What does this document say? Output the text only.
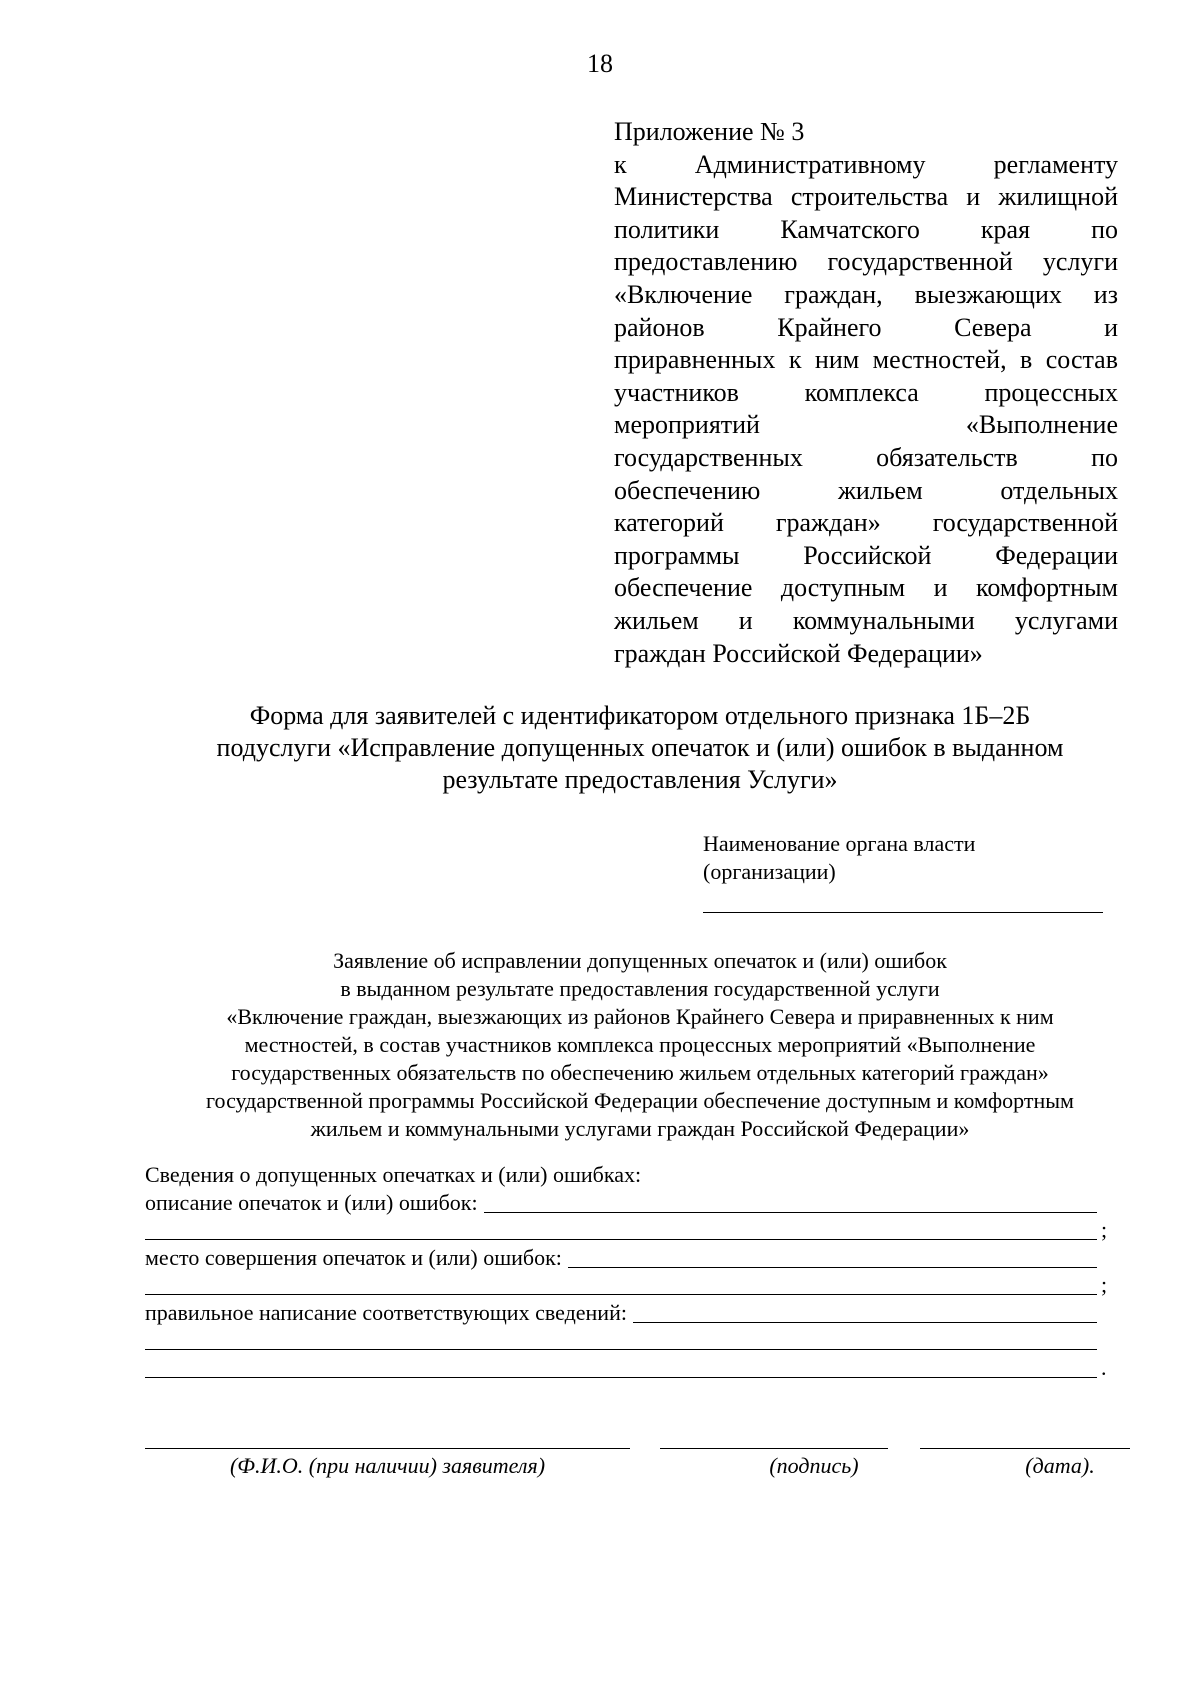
18
Приложение № 3
к Административному регламенту
Министерства строительства и жилищной
политики Камчатского края по
предоставлению государственной услуги
«Включение граждан, выезжающих из
районов Крайнего Севера и
приравненных к ним местностей, в состав
участников комплекса процессных
мероприятий «Выполнение
государственных обязательств по
обеспечению жильем отдельных
категорий граждан» государственной
программы Российской Федерации
обеспечение доступным и комфортным
жильем и коммунальными услугами
граждан Российской Федерации»
Форма для заявителей с идентификатором отдельного признака 1Б–2Б
подуслуги «Исправление допущенных опечаток и (или) ошибок в выданном
результате предоставления Услуги»
Наименование органа власти
(организации)
Заявление об исправлении допущенных опечаток и (или) ошибок
в выданном результате предоставления государственной услуги
«Включение граждан, выезжающих из районов Крайнего Севера и приравненных к ним
местностей, в состав участников комплекса процессных мероприятий «Выполнение
государственных обязательств по обеспечению жильем отдельных категорий граждан»
государственной программы Российской Федерации обеспечение доступным и комфортным
жильем и коммунальными услугами граждан Российской Федерации»
Сведения о допущенных опечатках и (или) ошибках:
описание опечаток и (или) ошибок:
;
место совершения опечаток и (или) ошибок:
;
правильное написание соответствующих сведений:
.
(Ф.И.О. (при наличии) заявителя)	(подпись)	(дата).
